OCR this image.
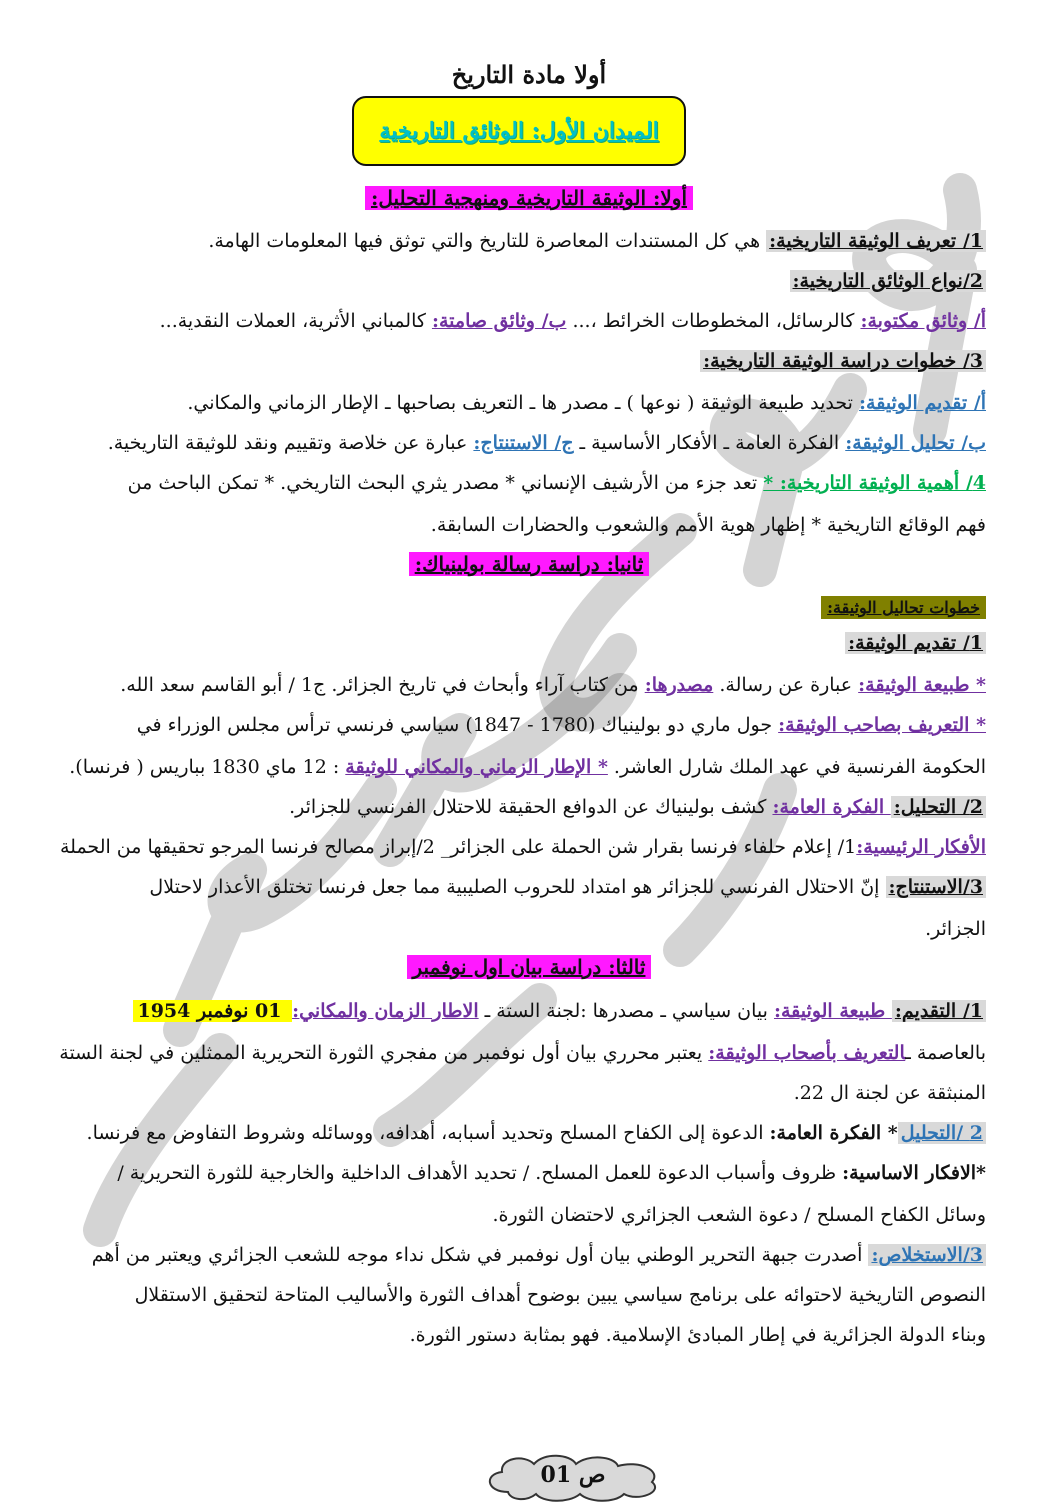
أولا مادة التاريخ
الميدان الأول: الوثائق التاريخية
أولا: الوثيقة التاريخية ومنهجية التحليل:
1/ تعريف الوثيقة التاريخية: هي كل المستندات المعاصرة للتاريخ والتي توثق فيها المعلومات الهامة.
2/نواع الوثائق التاريخية:
أ/ وثائق مكتوبة: كالرسائل، المخطوطات الخرائط ،... ب/ وثائق صامتة: كالمباني الأثرية، العملات النقدية...
3/ خطوات دراسة الوثيقة التاريخية:
أ/ تقديم الوثيقة: تحديد طبيعة الوثيقة ( نوعها ) ـ مصدر ها ـ التعريف بصاحبها ـ الإطار الزماني والمكاني.
ب/ تحليل الوثيقة: الفكرة العامة ـ الأفكار الأساسية ـ ج/ الاستنتاج: عبارة عن خلاصة وتقييم ونقد للوثيقة التاريخية.
4/ أهمية الوثيقة التاريخية: * تعد جزء من الأرشيف الإنساني * مصدر يثري البحث التاريخي. * تمكن الباحث من
فهم الوقائع التاريخية * إظهار هوية الأمم والشعوب والحضارات السابقة.
ثانيا: دراسة رسالة بولينياك:
خطوات تحاليل الوثيقة:
1/ تقديم الوثيقة:
* طبيعة الوثيقة: عبارة عن رسالة. مصدرها: من كتاب آراء وأبحاث في تاريخ الجزائر. ج1 / أبو القاسم سعد الله.
* التعريف بصاحب الوثيقة: جول ماري دو بولينياك (1780 - 1847) سياسي فرنسي ترأس مجلس الوزراء في
الحكومة الفرنسية في عهد الملك شارل العاشر. * الإطار الزماني والمكاني للوثيقة : 12 ماي 1830 بباريس ( فرنسا).
2/ التحليل: الفكرة العامة: كشف بولينياك عن الدوافع الحقيقة للاحتلال الفرنسي للجزائر.
الأفكار الرئيسية:1/ إعلام حلفاء فرنسا بقرار شن الحملة على الجزائر_ 2/إبراز مصالح فرنسا المرجو تحقيقها من الحملة
3/الاستنتاج: إنّ الاحتلال الفرنسي للجزائر هو امتداد للحروب الصليبية مما جعل فرنسا تختلق الأعذار لاحتلال
الجزائر.
ثالثا: دراسة بيان اول نوفمبر
1/ التقديم: طبيعة الوثيقة: بيان سياسي ـ مصدرها :لجنة الستة ـ الاطار الزمان والمكاني: 01 نوفمبر 1954
بالعاصمة ـالتعريف بأصحاب الوثيقة: يعتبر محرري بيان أول نوفمبر من مفجري الثورة التحريرية الممثلين في لجنة الستة
المنبثقة عن لجنة ال 22.
2 /التحليل* الفكرة العامة: الدعوة إلى الكفاح المسلح وتحديد أسبابه، أهدافه، ووسائله وشروط التفاوض مع فرنسا.
*الافكار الاساسية: ظروف وأسباب الدعوة للعمل المسلح. / تحديد الأهداف الداخلية والخارجية للثورة التحريرية /
وسائل الكفاح المسلح / دعوة الشعب الجزائري لاحتضان الثورة.
3/الاستخلاص: أصدرت جبهة التحرير الوطني بيان أول نوفمبر في شكل نداء موجه للشعب الجزائري ويعتبر من أهم
النصوص التاريخية لاحتوائه على برنامج سياسي يبين بوضوح أهداف الثورة والأساليب المتاحة لتحقيق الاستقلال
وبناء الدولة الجزائرية في إطار المبادئ الإسلامية. فهو بمثابة دستور الثورة.
ص 01
